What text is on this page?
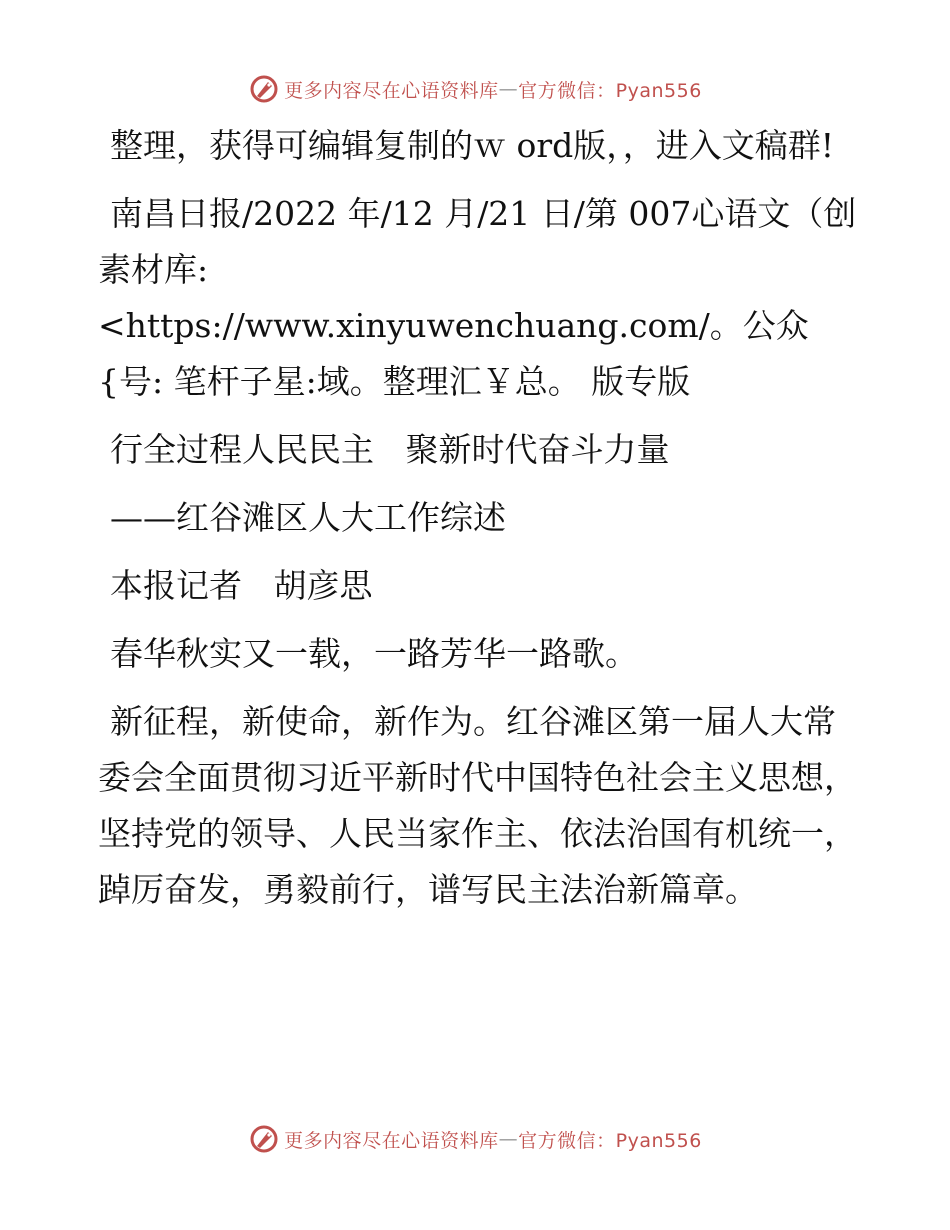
更多内容尽在心语资料库 — 官方微信：Pyan556

整理，获得可编辑复制的ｗ ord版，，进入文稿群!

南昌日报/2022 年/12 月/21 日/第 007心语文（创素材库: <https://www.xinyuwenchuang.com/。公众{号: 笔杆子星:域。整理汇￥总。 版专版

行全过程人民民主   聚新时代奋斗力量

——红谷滩区人大工作综述

本报记者   胡彦思

春华秋实又一载，一路芳华一路歌。

新征程，新使命，新作为。红谷滩区第一届人大常委会全面贯彻习近平新时代中国特色社会主义思想，坚持党的领导、人民当家作主、依法治国有机统一，踔厉奋发，勇毅前行，谱写民主法治新篇章。

更多内容尽在心语资料库 — 官方微信：Pyan556
